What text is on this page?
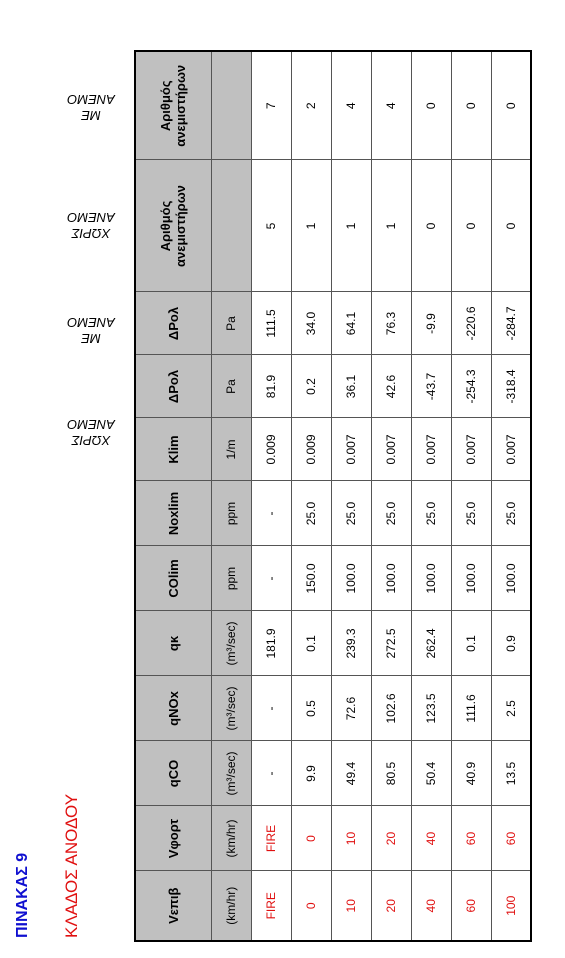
ΠΙΝΑΚΑΣ 9 ΚΛΑΔΟΣ ΑΝΟΔΟΥ
ΧΩΡΙΣ
ΑΝΕΜΟ
ΜΕ
ΑΝΕΜΟ
ΧΩΡΙΣ
ΑΝΕΜΟ
ΜΕ
ΑΝΕΜΟ
Vεπιβ	Vφορτ	qCO	qNOx	qκ	COlim	Noxlim	Klim	ΔΡολ	ΔΡολ	Αριθμός ανεμιστήρων	Αριθμός ανεμιστήρων
(km/hr)	(km/hr)	(m³/sec)	(m³/sec)	(m³/sec)	ppm	ppm	1/m	Pa	Pa		
FIRE	FIRE	-	-	181.9	-	-	0.009	81.9	111.5	5	7
0	0	9.9	0.5	0.1	150.0	25.0	0.009	0.2	34.0	1	2
10	10	49.4	72.6	239.3	100.0	25.0	0.007	36.1	64.1	1	4
20	20	80.5	102.6	272.5	100.0	25.0	0.007	42.6	76.3	1	4
40	40	50.4	123.5	262.4	100.0	25.0	0.007	-43.7	-9.9	0	0
60	60	40.9	111.6	0.1	100.0	25.0	0.007	-254.3	-220.6	0	0
100	60	13.5	2.5	0.9	100.0	25.0	0.007	-318.4	-284.7	0	0
